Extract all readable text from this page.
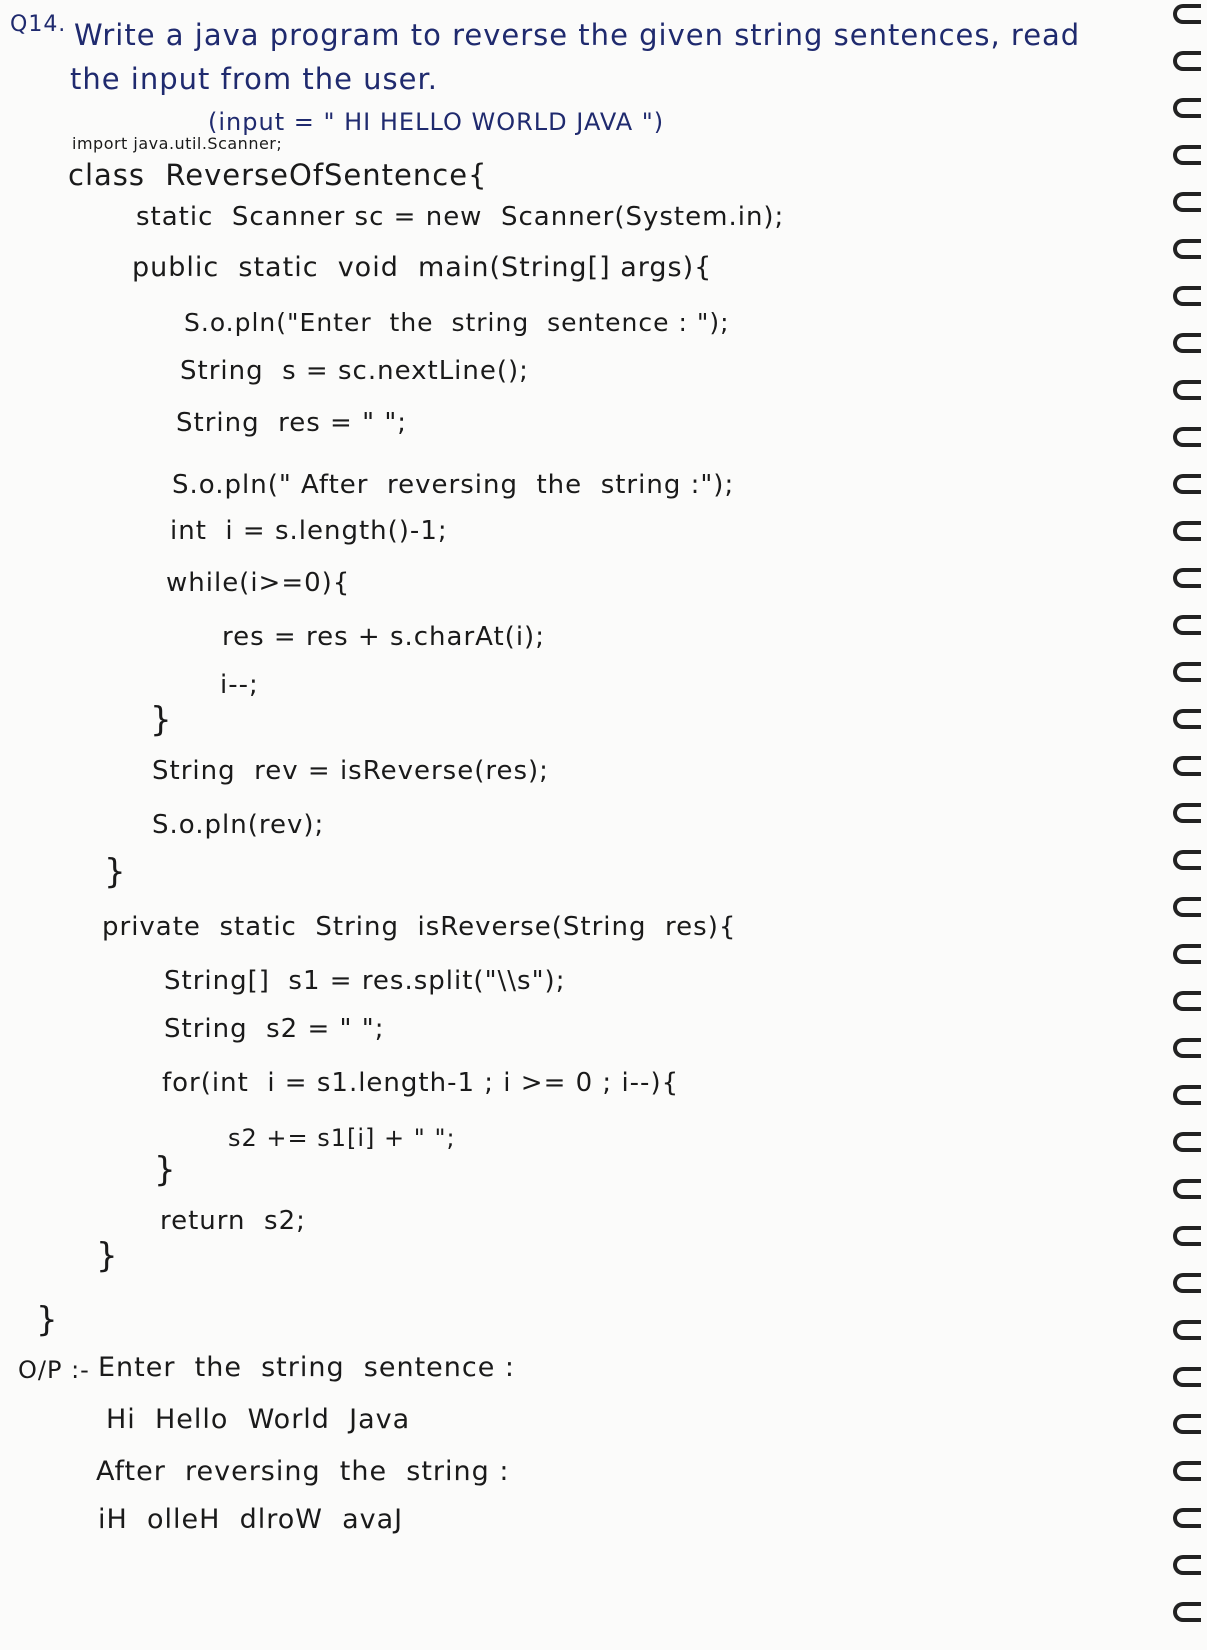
Q14. Write a java program to reverse the given string sentences, read
the input from the user.
(input = " HI HELLO WORLD JAVA ")
import java.util.Scanner;
class  ReverseOfSentence{
static  Scanner sc = new  Scanner(System.in);
public  static  void  main(String[] args){
S.o.pln("Enter  the  string  sentence : ");
String  s = sc.nextLine();
String  res = " ";
S.o.pln(" After  reversing  the  string :");
int  i = s.length()-1;
while(i>=0){
res = res + s.charAt(i);
i--;
}
String  rev = isReverse(res);
S.o.pln(rev);
}
private  static  String  isReverse(String  res){
String[]  s1 = res.split("\\s");
String  s2 = " ";
for(int  i = s1.length-1 ; i >= 0 ; i--){
s2 += s1[i] + " ";
}
return  s2;
}
}
O/P :- Enter  the  string  sentence :
Hi  Hello  World  Java
After  reversing  the  string :
iH  olleH  dlroW  avaJ
